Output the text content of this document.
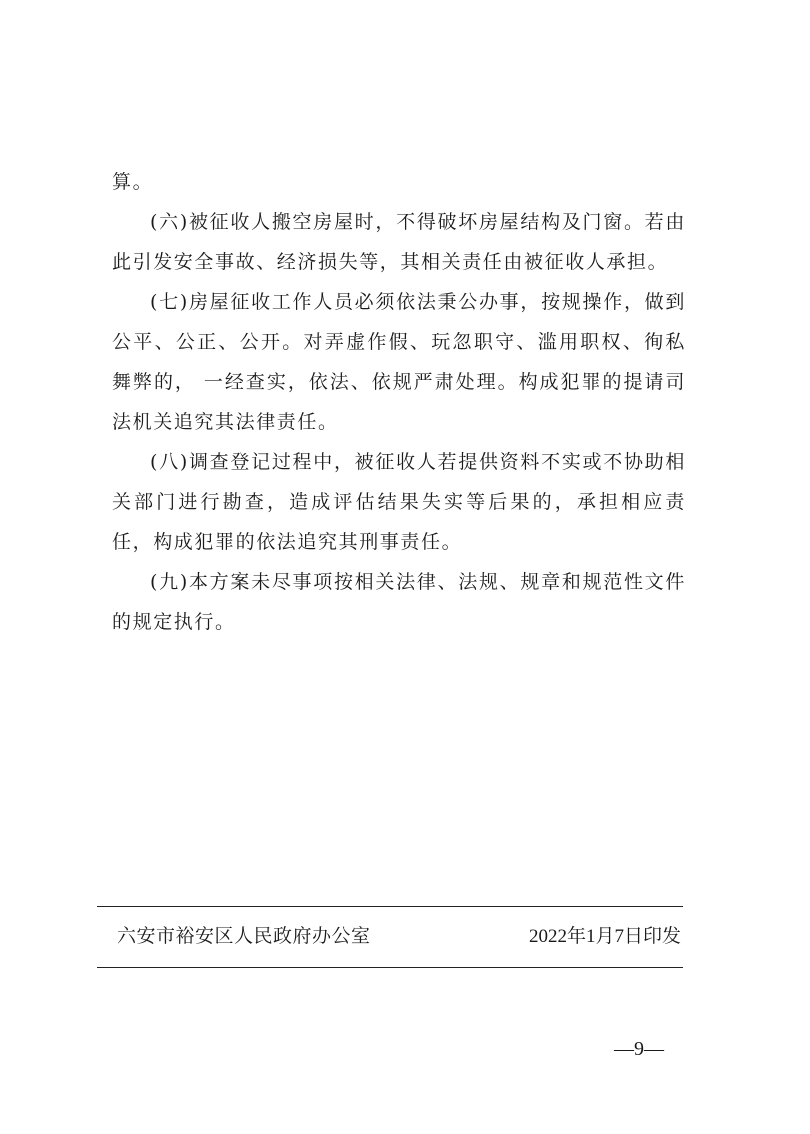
算。

(六)被征收人搬空房屋时，不得破坏房屋结构及门窗。若由此引发安全事故、经济损失等，其相关责任由被征收人承担。

(七)房屋征收工作人员必须依法秉公办事，按规操作，做到公平、公正、公开。对弄虚作假、玩忽职守、滥用职权、徇私舞弊的， 一经查实，依法、依规严肃处理。构成犯罪的提请司法机关追究其法律责任。

(八)调查登记过程中，被征收人若提供资料不实或不协助相关部门进行勘查，造成评估结果失实等后果的，承担相应责任，构成犯罪的依法追究其刑事责任。

(九)本方案未尽事项按相关法律、法规、规章和规范性文件的规定执行。

六安市裕安区人民政府办公室	2022年1月7日印发
—9—
